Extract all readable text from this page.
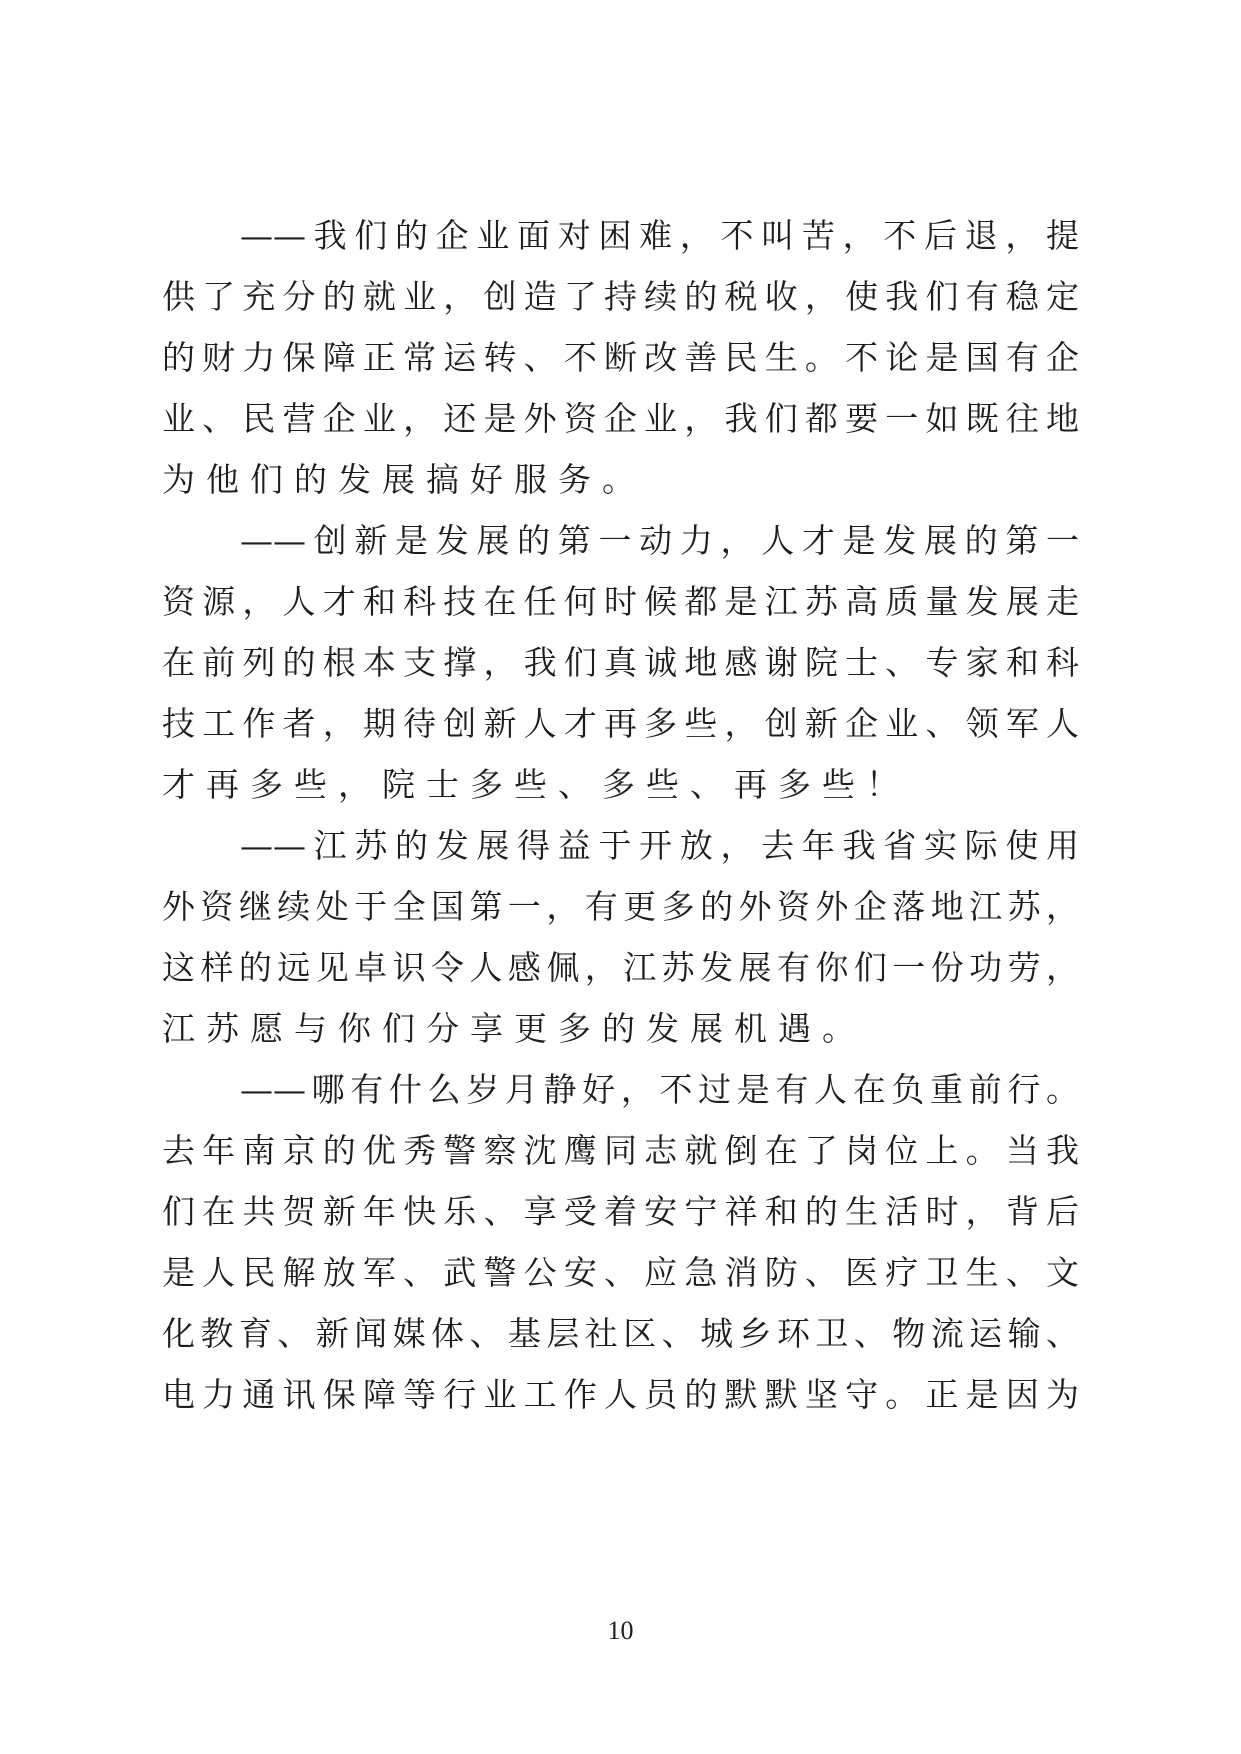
——我们的企业面对困难，不叫苦，不后退，提
供了充分的就业，创造了持续的税收，使我们有稳定
的财力保障正常运转、不断改善民生。不论是国有企
业、民营企业，还是外资企业，我们都要一如既往地
为他们的发展搞好服务。
——创新是发展的第一动力，人才是发展的第一
资源，人才和科技在任何时候都是江苏高质量发展走
在前列的根本支撑，我们真诚地感谢院士、专家和科
技工作者，期待创新人才再多些，创新企业、领军人
才再多些，院士多些、多些、再多些！
——江苏的发展得益于开放，去年我省实际使用
外资继续处于全国第一，有更多的外资外企落地江苏，
这样的远见卓识令人感佩，江苏发展有你们一份功劳，
江苏愿与你们分享更多的发展机遇。
——哪有什么岁月静好，不过是有人在负重前行。
去年南京的优秀警察沈鹰同志就倒在了岗位上。当我
们在共贺新年快乐、享受着安宁祥和的生活时，背后
是人民解放军、武警公安、应急消防、医疗卫生、文
化教育、新闻媒体、基层社区、城乡环卫、物流运输、
电力通讯保障等行业工作人员的默默坚守。正是因为
10
